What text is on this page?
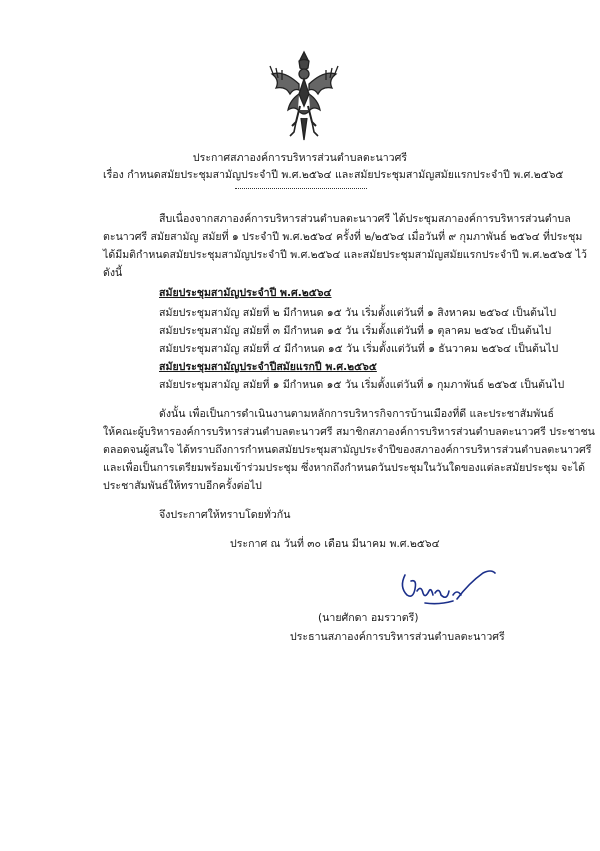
ประกาศสภาองค์การบริหารส่วนตำบลตะนาวศรี
เรื่อง กำหนดสมัยประชุมสามัญประจำปี พ.ศ.๒๕๖๔ และสมัยประชุมสามัญสมัยแรกประจำปี พ.ศ.๒๕๖๕
สืบเนื่องจากสภาองค์การบริหารส่วนตำบลตะนาวศรี ได้ประชุมสภาองค์การบริหารส่วนตำบล
ตะนาวศรี สมัยสามัญ สมัยที่ ๑ ประจำปี พ.ศ.๒๕๖๔ ครั้งที่ ๒/๒๕๖๔ เมื่อวันที่ ๙ กุมภาพันธ์ ๒๕๖๔ ที่ประชุม
ได้มีมติกำหนดสมัยประชุมสามัญประจำปี พ.ศ.๒๕๖๔ และสมัยประชุมสามัญสมัยแรกประจำปี พ.ศ.๒๕๖๕ ไว้
ดังนี้
สมัยประชุมสามัญประจำปี พ.ศ.๒๕๖๔
สมัยประชุมสามัญ สมัยที่ ๒ มีกำหนด ๑๕ วัน เริ่มตั้งแต่วันที่ ๑ สิงหาคม ๒๕๖๔ เป็นต้นไป
สมัยประชุมสามัญ สมัยที่ ๓ มีกำหนด ๑๕ วัน เริ่มตั้งแต่วันที่ ๑ ตุลาคม ๒๕๖๔ เป็นต้นไป
สมัยประชุมสามัญ สมัยที่ ๔ มีกำหนด ๑๕ วัน เริ่มตั้งแต่วันที่ ๑ ธันวาคม ๒๕๖๔ เป็นต้นไป
สมัยประชุมสามัญประจำปีสมัยแรกปี พ.ศ.๒๕๖๕
สมัยประชุมสามัญ สมัยที่ ๑ มีกำหนด ๑๕ วัน เริ่มตั้งแต่วันที่ ๑ กุมภาพันธ์ ๒๕๖๕ เป็นต้นไป
ดังนั้น เพื่อเป็นการดำเนินงานตามหลักการบริหารกิจการบ้านเมืองที่ดี และประชาสัมพันธ์
ให้คณะผู้บริหารองค์การบริหารส่วนตำบลตะนาวศรี สมาชิกสภาองค์การบริหารส่วนตำบลตะนาวศรี ประชาชน
ตลอดจนผู้สนใจ ได้ทราบถึงการกำหนดสมัยประชุมสามัญประจำปีของสภาองค์การบริหารส่วนตำบลตะนาวศรี
และเพื่อเป็นการเตรียมพร้อมเข้าร่วมประชุม ซึ่งหากถึงกำหนดวันประชุมในวันใดของแต่ละสมัยประชุม จะได้
ประชาสัมพันธ์ให้ทราบอีกครั้งต่อไป
จึงประกาศให้ทราบโดยทั่วกัน
ประกาศ ณ วันที่ ๓๐ เดือน มีนาคม พ.ศ.๒๕๖๔
(นายศักดา อมรวาตรี)
ประธานสภาองค์การบริหารส่วนตำบลตะนาวศรี
